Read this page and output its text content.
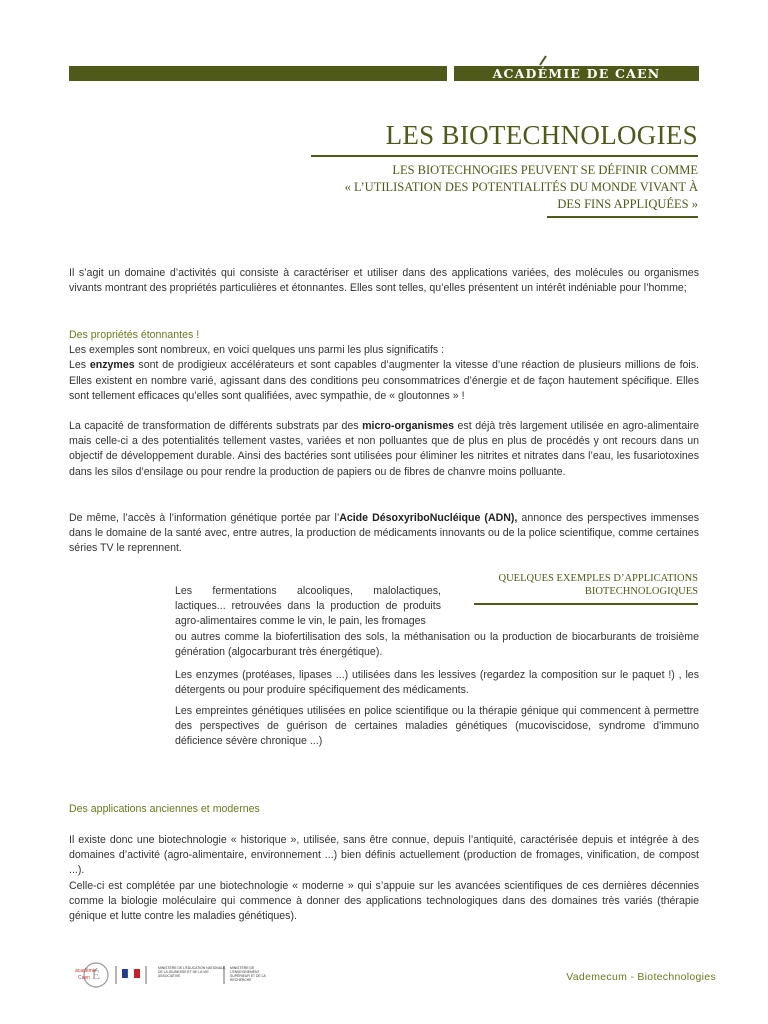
ACADÉMIE DE CAEN
LES BIOTECHNOLOGIES
LES BIOTECHNOGIES PEUVENT SE DÉFINIR COMME
« L’UTILISATION DES POTENTIALITÉS DU MONDE VIVANT À
DES FINS APPLIQUÉES »
Il s’agit un domaine d’activités qui consiste à caractériser et utiliser dans des applications variées, des molécules ou organismes vivants montrant des propriétés particulières et étonnantes. Elles sont telles, qu’elles présentent un intérêt indéniable pour l’homme;
Des propriétés étonnantes !
Les exemples sont nombreux, en voici quelques uns parmi les plus significatifs :
Les enzymes sont de prodigieux accélérateurs et sont capables d’augmenter la vitesse d’une réaction de plusieurs millions de fois. Elles existent en nombre varié, agissant dans des conditions peu consommatrices d’énergie et de façon hautement spécifique. Elles sont tellement efficaces qu’elles sont qualifiées, avec sympathie, de « gloutonnes » !
La capacité de transformation de différents substrats par des micro-organismes est déjà très largement utilisée en agro-alimentaire mais celle-ci a des potentialités tellement vastes, variées et non polluantes que de plus en plus de procédés y ont recours dans un objectif de développement durable. Ainsi des bactéries sont utilisées pour éliminer les nitrites et nitrates dans l’eau, les fusariotoxines dans les silos d’ensilage ou pour rendre la production de papiers ou de fibres de chanvre moins polluante.
De même, l’accès à l’information génétique portée par l’Acide DésoxyriboNucléique (ADN), annonce des perspectives immenses dans le domaine de la santé avec, entre autres, la production de médicaments innovants ou de la police scientifique, comme certaines séries TV le reprennent.
QUELQUES EXEMPLES D’APPLICATIONS
BIOTECHNOLOGIQUES
Les fermentations alcooliques, malolactiques, lactiques... retrouvées dans la production de produits agro-alimentaires comme le vin, le pain, les fromages
ou autres comme la biofertilisation des sols, la méthanisation ou la production de biocarburants de troisième génération (algocarburant très énergétique).
Les enzymes (protéases, lipases ...) utilisées dans les lessives (regardez la composition sur le paquet !) , les détergents ou pour produire spécifiquement des médicaments.
Les empreintes génétiques utilisées en police scientifique ou la thérapie génique qui commencent à permettre des perspectives de guérison de certaines maladies génétiques (mucoviscidose, syndrome d’immuno déficience sévère chronique ...)
Des applications anciennes et modernes
Il existe donc une biotechnologie « historique », utilisée, sans être connue, depuis l’antiquité, caractérisée depuis et intégrée à des domaines d’activité (agro-alimentaire, environnement ...) bien définis actuellement (production de fromages, vinification, de compost ...).
Celle-ci est complétée par une biotechnologie « moderne » qui s’appuie sur les avancées scientifiques de ces dernières décennies comme la biologie moléculaire qui commence à donner des applications technologiques dans des domaines très variés (thérapie génique et lutte contre les maladies génétiques).
É
académie
Caen
MINISTÈRE DE L’ÉDUCATION NATIONALE, DE LA JEUNESSE ET DE LA VIE ASSOCIATIVE
MINISTÈRE DE L’ENSEIGNEMENT SUPÉRIEUR ET DE LA RECHERCHE	Vademecum - Biotechnologies
